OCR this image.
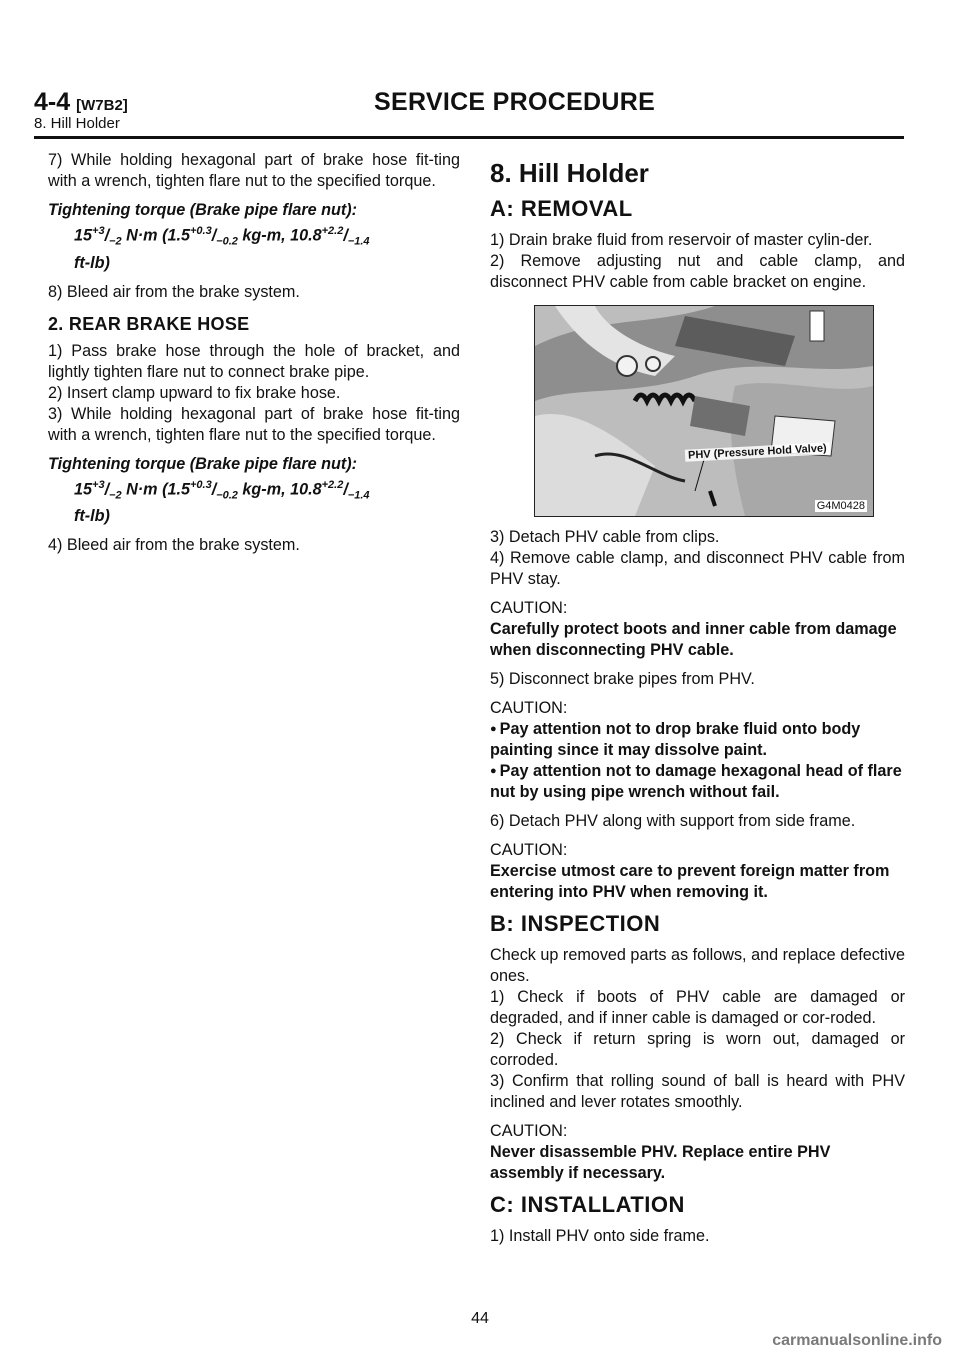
4-4 [W7B2]	SERVICE PROCEDURE
8. Hill Holder

7) While holding hexagonal part of brake hose fit-ting with a wrench, tighten flare nut to the specified torque.

Tightening torque (Brake pipe flare nut):
$15^{+3}/_{-2}$ N·m ($1.5^{+0.3}/_{-0.2}$ kg-m, $10.8^{+2.2}/_{-1.4}$
ft-lb)

8) Bleed air from the brake system.

2. REAR BRAKE HOSE

1) Pass brake hose through the hole of bracket, and lightly tighten flare nut to connect brake pipe.

2) Insert clamp upward to fix brake hose.

3) While holding hexagonal part of brake hose fit-ting with a wrench, tighten flare nut to the specified torque.

Tightening torque (Brake pipe flare nut):
$15^{+3}/_{-2}$ N·m ($1.5^{+0.3}/_{-0.2}$ kg-m, $10.8^{+2.2}/_{-1.4}$
ft-lb)

4) Bleed air from the brake system.

8. Hill Holder
A: REMOVAL

1) Drain brake fluid from reservoir of master cylin-der.

2) Remove adjusting nut and cable clamp, and disconnect PHV cable from cable bracket on engine.

PHV (Pressure Hold Valve)
G4M0428

3) Detach PHV cable from clips.

4) Remove cable clamp, and disconnect PHV cable from PHV stay.

CAUTION:
Carefully protect boots and inner cable from damage when disconnecting PHV cable.

5) Disconnect brake pipes from PHV.

CAUTION:
● Pay attention not to drop brake fluid onto body painting since it may dissolve paint.
● Pay attention not to damage hexagonal head of flare nut by using pipe wrench without fail.

6) Detach PHV along with support from side frame.

CAUTION:
Exercise utmost care to prevent foreign matter from entering into PHV when removing it.
B: INSPECTION

Check up removed parts as follows, and replace defective ones.

1) Check if boots of PHV cable are damaged or degraded, and if inner cable is damaged or cor-roded.

2) Check if return spring is worn out, damaged or corroded.

3) Confirm that rolling sound of ball is heard with PHV inclined and lever rotates smoothly.

CAUTION:
Never disassemble PHV. Replace entire PHV assembly if necessary.
C: INSTALLATION

1) Install PHV onto side frame.

44
carmanualsonline.info
